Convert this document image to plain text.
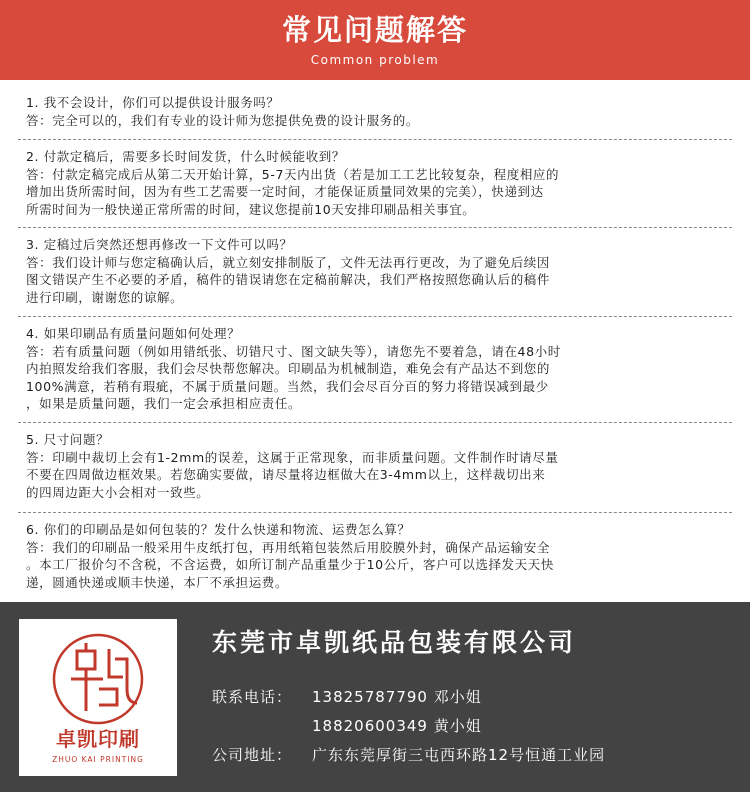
常见问题解答
Common problem
1. 我不会设计，你们可以提供设计服务吗？
答：完全可以的，我们有专业的设计师为您提供免费的设计服务的。
2. 付款定稿后，需要多长时间发货，什么时候能收到？
答：付款定稿完成后从第二天开始计算，5-7天内出货（若是加工工艺比较复杂，程度相应的
增加出货所需时间，因为有些工艺需要一定时间，才能保证质量同效果的完美），快递到达
所需时间为一般快递正常所需的时间，建议您提前10天安排印刷品相关事宜。
3. 定稿过后突然还想再修改一下文件可以吗？
答：我们设计师与您定稿确认后，就立刻安排制版了，文件无法再行更改，为了避免后续因
图文错误产生不必要的矛盾，稿件的错误请您在定稿前解决，我们严格按照您确认后的稿件
进行印刷，谢谢您的谅解。
4. 如果印刷品有质量问题如何处理？
答：若有质量问题（例如用错纸张、切错尺寸、图文缺失等），请您先不要着急，请在48小时
内拍照发给我们客服，我们会尽快帮您解决。印刷品为机械制造，难免会有产品达不到您的
100%满意，若稍有瑕疵，不属于质量问题。当然，我们会尽百分百的努力将错误减到最少
，如果是质量问题，我们一定会承担相应责任。
5. 尺寸问题？
答：印刷中裁切上会有1-2mm的误差，这属于正常现象，而非质量问题。文件制作时请尽量
不要在四周做边框效果。若您确实要做，请尽量将边框做大在3-4mm以上，这样裁切出来
的四周边距大小会相对一致些。
6. 你们的印刷品是如何包装的？发什么快递和物流、运费怎么算？
答：我们的印刷品一般采用牛皮纸打包，再用纸箱包装然后用胶膜外封，确保产品运输安全
。本工厂报价匀不含税，不含运费，如所订制产品重量少于10公斤，客户可以选择发天天快
递，圆通快递或顺丰快递，本厂不承担运费。
卓凯印刷
ZHUO KAI PRINTING
东莞市卓凯纸品包装有限公司
联系电话： 13825787790 邓小姐
18820600349 黄小姐
公司地址： 广东东莞厚街三屯西环路12号恒通工业园
